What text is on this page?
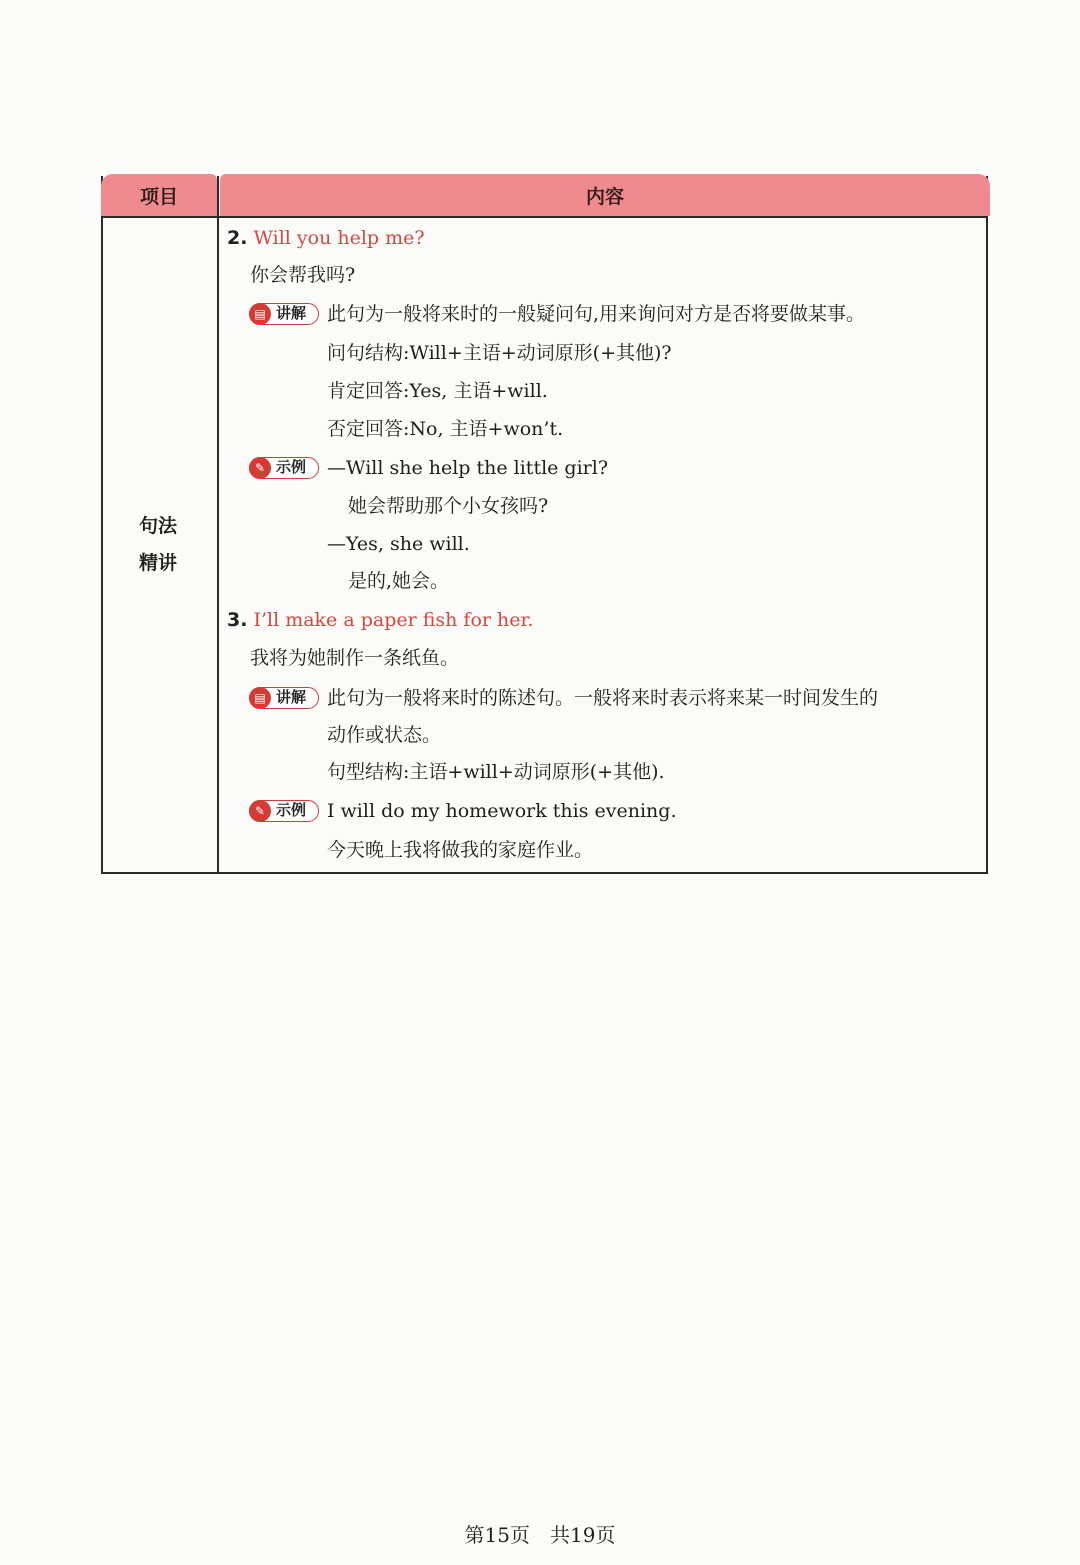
项目	内容
句法
精讲
2. Will you help me?
你会帮我吗?
▤ 讲解 此句为一般将来时的一般疑问句,用来询问对方是否将要做某事。
问句结构:Will+主语+动词原形(+其他)?
肯定回答:Yes, 主语+will.
否定回答:No, 主语+won’t.
✎ 示例 —Will she help the little girl?
她会帮助那个小女孩吗?
—Yes, she will.
是的,她会。
3. I’ll make a paper fish for her.
我将为她制作一条纸鱼。
▤ 讲解 此句为一般将来时的陈述句。一般将来时表示将来某一时间发生的
动作或状态。
句型结构:主语+will+动词原形(+其他).
✎ 示例 I will do my homework this evening.
今天晚上我将做我的家庭作业。
第15页　共19页
